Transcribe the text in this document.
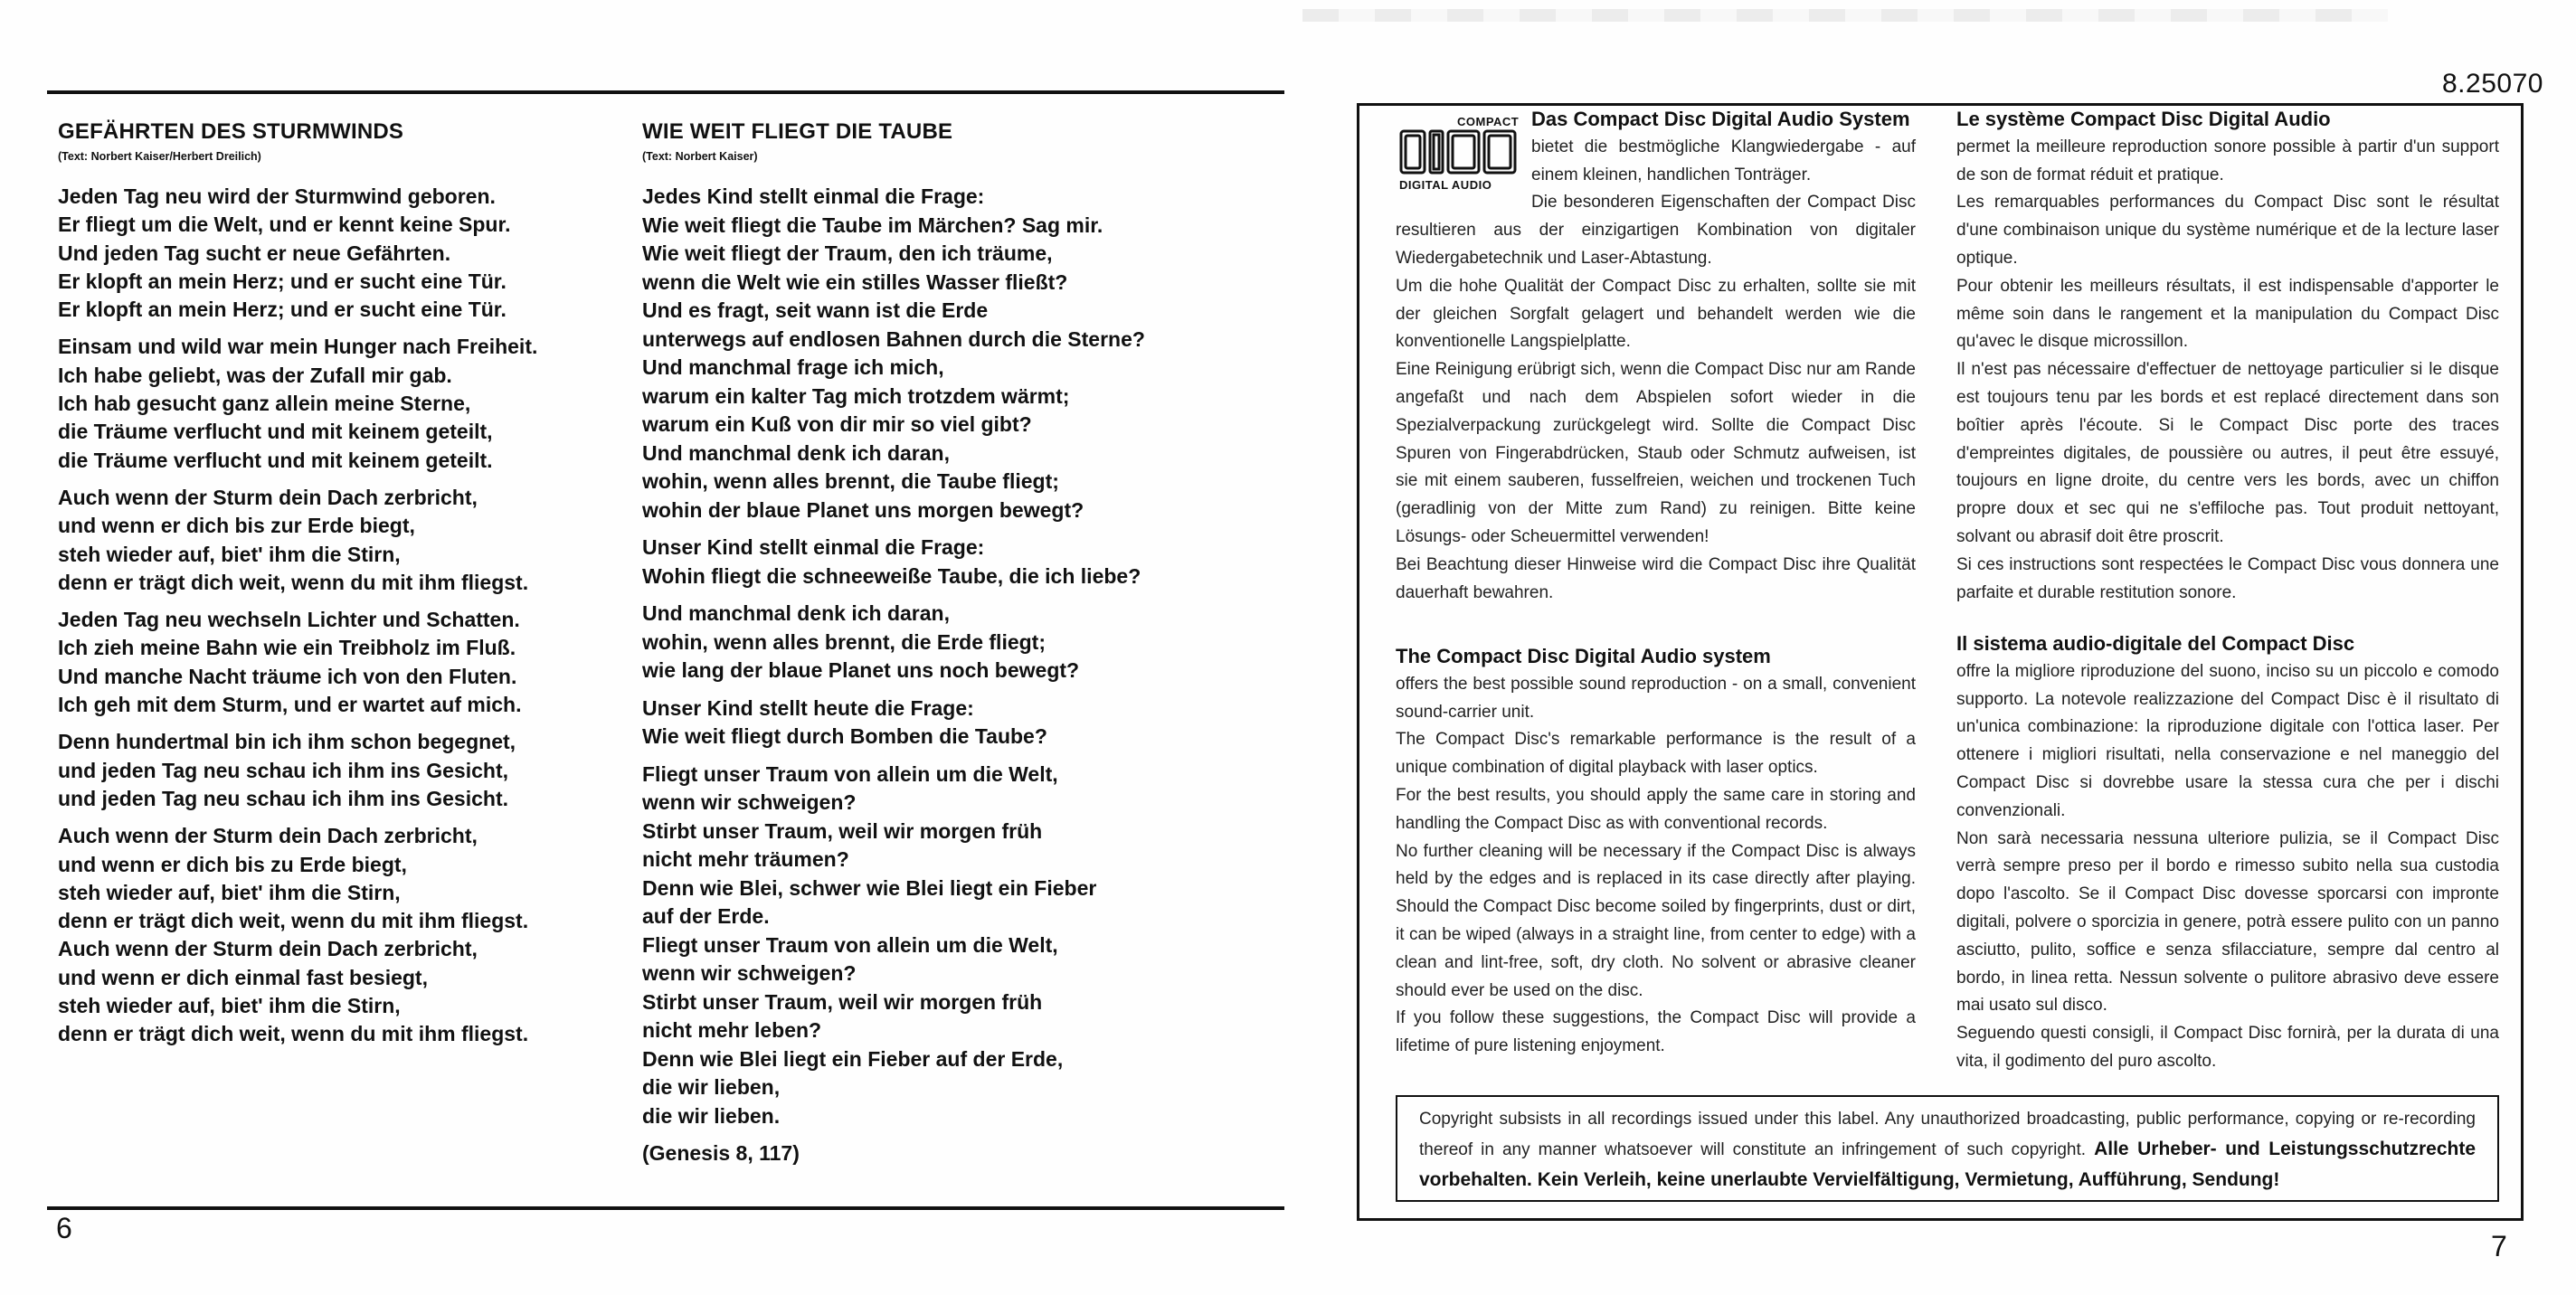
8.25070
6
7
GEFÄHRTEN DES STURMWINDS
(Text: Norbert Kaiser/Herbert Dreilich)
Jeden Tag neu wird der Sturmwind geboren.
Er fliegt um die Welt, und er kennt keine Spur.
Und jeden Tag sucht er neue Gefährten.
Er klopft an mein Herz; und er sucht eine Tür.
Er klopft an mein Herz; und er sucht eine Tür.
Einsam und wild war mein Hunger nach Freiheit.
Ich habe geliebt, was der Zufall mir gab.
Ich hab gesucht ganz allein meine Sterne,
die Träume verflucht und mit keinem geteilt,
die Träume verflucht und mit keinem geteilt.
Auch wenn der Sturm dein Dach zerbricht,
und wenn er dich bis zur Erde biegt,
steh wieder auf, biet' ihm die Stirn,
denn er trägt dich weit, wenn du mit ihm fliegst.
Jeden Tag neu wechseln Lichter und Schatten.
Ich zieh meine Bahn wie ein Treibholz im Fluß.
Und manche Nacht träume ich von den Fluten.
Ich geh mit dem Sturm, und er wartet auf mich.
Denn hundertmal bin ich ihm schon begegnet,
und jeden Tag neu schau ich ihm ins Gesicht,
und jeden Tag neu schau ich ihm ins Gesicht.
Auch wenn der Sturm dein Dach zerbricht,
und wenn er dich bis zu Erde biegt,
steh wieder auf, biet' ihm die Stirn,
denn er trägt dich weit, wenn du mit ihm fliegst.
Auch wenn der Sturm dein Dach zerbricht,
und wenn er dich einmal fast besiegt,
steh wieder auf, biet' ihm die Stirn,
denn er trägt dich weit, wenn du mit ihm fliegst.
WIE WEIT FLIEGT DIE TAUBE
(Text: Norbert Kaiser)
Jedes Kind stellt einmal die Frage:
Wie weit fliegt die Taube im Märchen? Sag mir.
Wie weit fliegt der Traum, den ich träume,
wenn die Welt wie ein stilles Wasser fließt?
Und es fragt, seit wann ist die Erde
unterwegs auf endlosen Bahnen durch die Sterne?
Und manchmal frage ich mich,
warum ein kalter Tag mich trotzdem wärmt;
warum ein Kuß von dir mir so viel gibt?
Und manchmal denk ich daran,
wohin, wenn alles brennt, die Taube fliegt;
wohin der blaue Planet uns morgen bewegt?
Unser Kind stellt einmal die Frage:
Wohin fliegt die schneeweiße Taube, die ich liebe?
Und manchmal denk ich daran,
wohin, wenn alles brennt, die Erde fliegt;
wie lang der blaue Planet uns noch bewegt?
Unser Kind stellt heute die Frage:
Wie weit fliegt durch Bomben die Taube?
Fliegt unser Traum von allein um die Welt,
wenn wir schweigen?
Stirbt unser Traum, weil wir morgen früh
nicht mehr träumen?
Denn wie Blei, schwer wie Blei liegt ein Fieber
auf der Erde.
Fliegt unser Traum von allein um die Welt,
wenn wir schweigen?
Stirbt unser Traum, weil wir morgen früh
nicht mehr leben?
Denn wie Blei liegt ein Fieber auf der Erde,
die wir lieben,
die wir lieben.
(Genesis 8, 117)
COMPACT
DIGITAL AUDIO
Das Compact Disc Digital Audio System

bietet die bestmögliche Klangwiedergabe - auf einem kleinen, handlichen Tonträger.

Die besonderen Eigenschaften der Compact Disc resultieren aus der einzigartigen Kombination von digitaler Wiedergabetechnik und Laser-Abtastung.

Um die hohe Qualität der Compact Disc zu erhalten, sollte sie mit der gleichen Sorgfalt gelagert und behandelt werden wie die konventionelle Langspielplatte.

Eine Reinigung erübrigt sich, wenn die Compact Disc nur am Rande angefaßt und nach dem Abspielen sofort wieder in die Spezialverpackung zurückgelegt wird. Sollte die Compact Disc Spuren von Fingerabdrücken, Staub oder Schmutz aufweisen, ist sie mit einem sauberen, fusselfreien, weichen und trockenen Tuch (geradlinig von der Mitte zum Rand) zu reinigen. Bitte keine Lösungs- oder Scheuermittel verwenden!

Bei Beachtung dieser Hinweise wird die Compact Disc ihre Qualität dauerhaft bewahren.

The Compact Disc Digital Audio system

offers the best possible sound reproduction - on a small, convenient sound-carrier unit.

The Compact Disc's remarkable performance is the result of a unique combination of digital playback with laser optics.

For the best results, you should apply the same care in storing and handling the Compact Disc as with conventional records.

No further cleaning will be necessary if the Compact Disc is always held by the edges and is replaced in its case directly after playing. Should the Compact Disc become soiled by fingerprints, dust or dirt, it can be wiped (always in a straight line, from center to edge) with a clean and lint-free, soft, dry cloth. No solvent or abrasive cleaner should ever be used on the disc.

If you follow these suggestions, the Compact Disc will provide a lifetime of pure listening enjoyment.

Le système Compact Disc Digital Audio

permet la meilleure reproduction sonore possible à partir d'un support de son de format réduit et pratique.

Les remarquables performances du Compact Disc sont le résultat d'une combinaison unique du système numérique et de la lecture laser optique.

Pour obtenir les meilleurs résultats, il est indispensable d'apporter le même soin dans le rangement et la manipulation du Compact Disc qu'avec le disque microssillon.

Il n'est pas nécessaire d'effectuer de nettoyage particulier si le disque est toujours tenu par les bords et est replacé directement dans son boîtier après l'écoute. Si le Compact Disc porte des traces d'empreintes digitales, de poussière ou autres, il peut être essuyé, toujours en ligne droite, du centre vers les bords, avec un chiffon propre doux et sec qui ne s'effiloche pas. Tout produit nettoyant, solvant ou abrasif doit être proscrit.

Si ces instructions sont respectées le Compact Disc vous donnera une parfaite et durable restitution sonore.

Il sistema audio-digitale del Compact Disc

offre la migliore riproduzione del suono, inciso su un piccolo e comodo supporto. La notevole realizzazione del Compact Disc è il risultato di un'unica combinazione: la riproduzione digitale con l'ottica laser. Per ottenere i migliori risultati, nella conservazione e nel maneggio del Compact Disc si dovrebbe usare la stessa cura che per i dischi convenzionali.

Non sarà necessaria nessuna ulteriore pulizia, se il Compact Disc verrà sempre preso per il bordo e rimesso subito nella sua custodia dopo l'ascolto. Se il Compact Disc dovesse sporcarsi con impronte digitali, polvere o sporcizia in genere, potrà essere pulito con un panno asciutto, pulito, soffice e senza sfilacciature, sempre dal centro al bordo, in linea retta. Nessun solvente o pulitore abrasivo deve essere mai usato sul disco.

Seguendo questi consigli, il Compact Disc fornirà, per la durata di una vita, il godimento del puro ascolto.

Copyright subsists in all recordings issued under this label. Any unauthorized broadcasting, public performance, copying or re-recording thereof in any manner whatsoever will constitute an infringement of such copyright. Alle Urheber- und Leistungsschutzrechte vorbehalten. Kein Verleih, keine unerlaubte Vervielfältigung, Vermietung, Aufführung, Sendung!
